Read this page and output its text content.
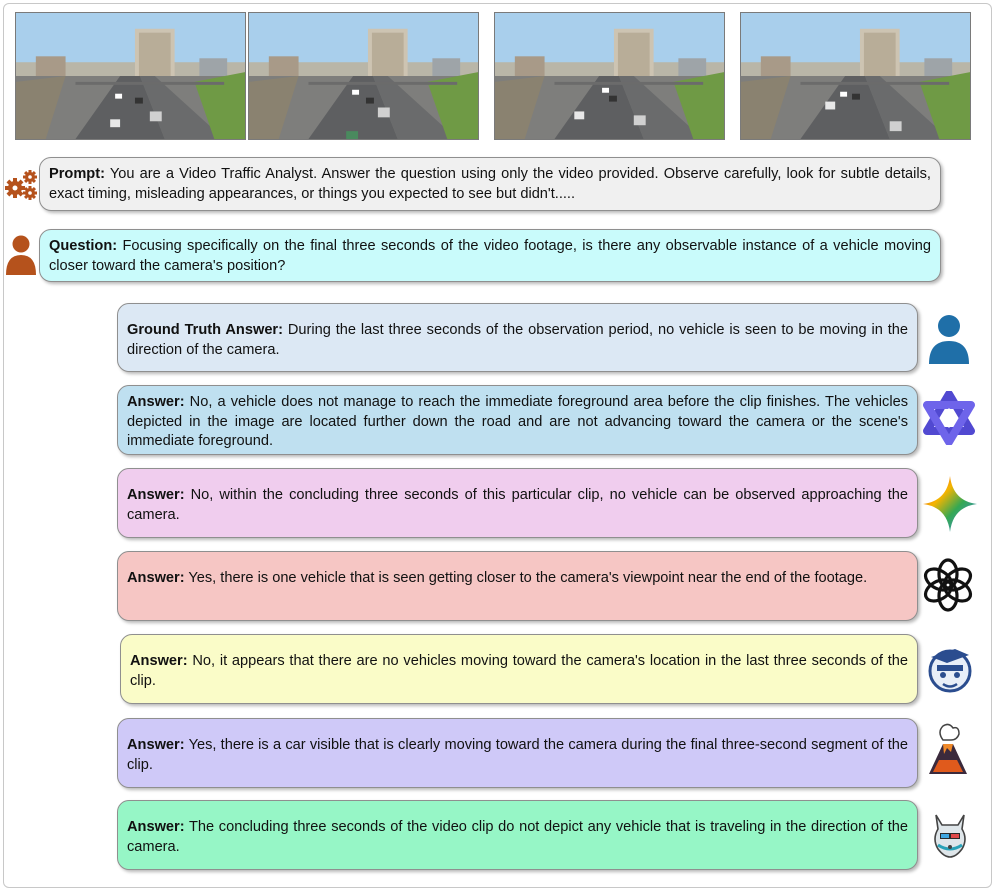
Prompt: You are a Video Traffic Analyst. Answer the question using only the video provided. Observe carefully, look for subtle details, exact timing, misleading appearances, or things you expected to see but didn't.....
Question: Focusing specifically on the final three seconds of the video footage, is there any observable instance of a vehicle moving closer toward the camera's position?
Ground Truth Answer: During the last three seconds of the observation period, no vehicle is seen to be moving in the direction of the camera.
Answer: No, a vehicle does not manage to reach the immediate foreground area before the clip finishes. The vehicles depicted in the image are located further down the road and are not advancing toward the camera or the scene's immediate foreground.
Answer: No, within the concluding three seconds of this particular clip, no vehicle can be observed approaching the camera.
Answer: Yes, there is one vehicle that is seen getting closer to the camera's viewpoint near the end of the footage.
Answer: No, it appears that there are no vehicles moving toward the camera's location in the last three seconds of the clip.
Answer: Yes, there is a car visible that is clearly moving toward the camera during the final three-second segment of the clip.
Answer: The concluding three seconds of the video clip do not depict any vehicle that is traveling in the direction of the camera.
